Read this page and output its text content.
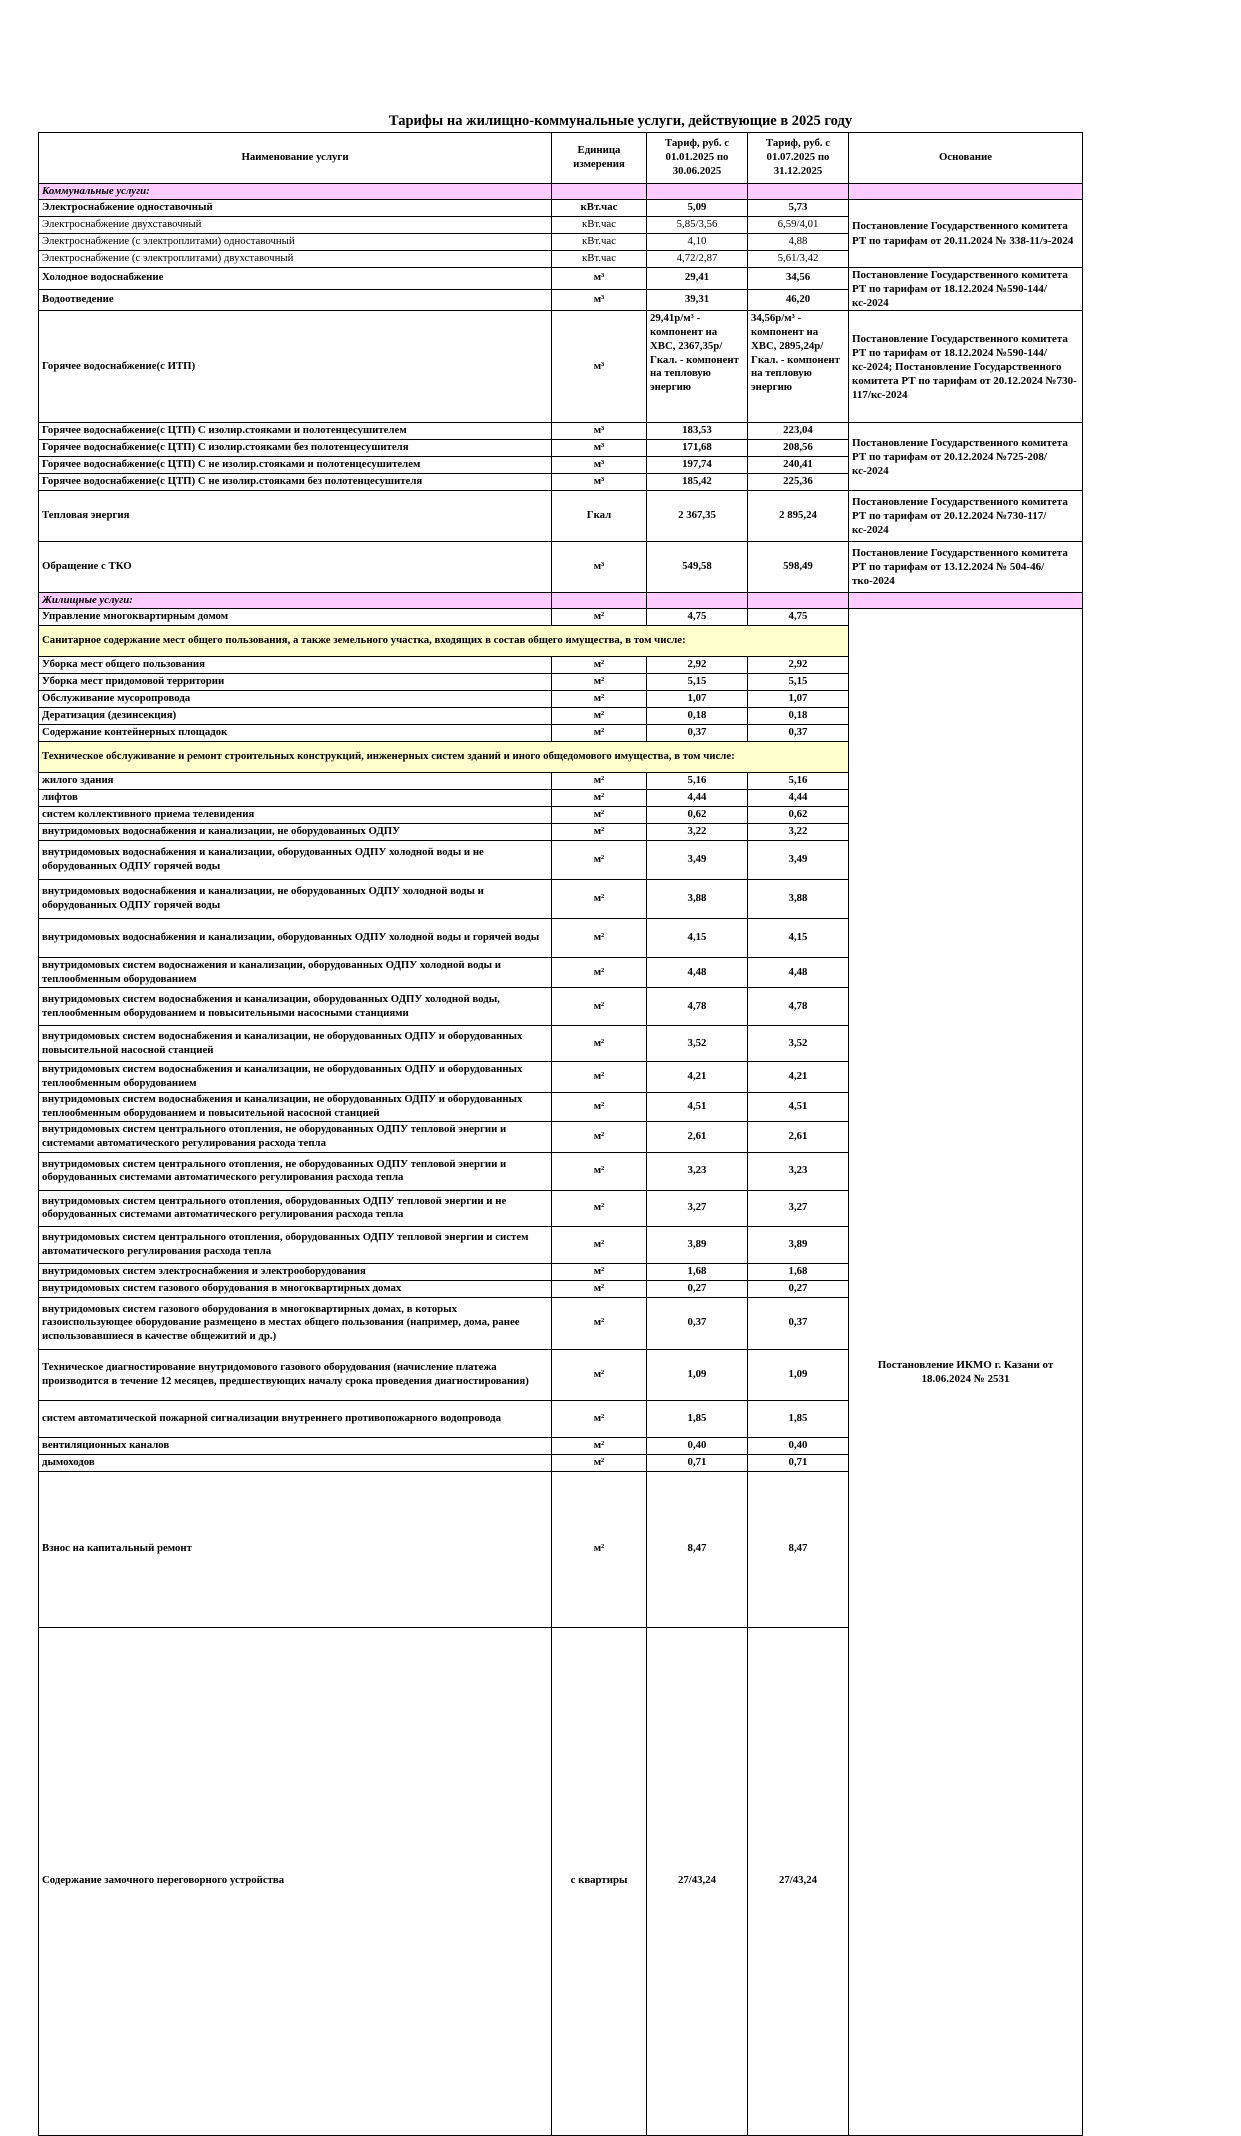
Тарифы на жилищно-коммунальные услуги, действующие в 2025 году
Наименование услуги	Единица измерения	Тариф, руб. с 01.01.2025 по 30.06.2025	Тариф, руб. с 01.07.2025 по 31.12.2025	Основание	
Коммунальные услуги:					
Электроснабжение одноставочный	кВт.час	5,09	5,73	Постановление Государственного комитета РТ по тарифам от 20.11.2024 № 338-11/э-2024	
Электроснабжение двухставочный	кВт.час	5,85/3,56	6,59/4,01		
Электроснабжение (с электроплитами) одноставочный	кВт.час	4,10	4,88		
Электроснабжение (с электроплитами) двухставочный	кВт.час	4,72/2,87	5,61/3,42		
Холодное водоснабжение	м³	29,41	34,56	Постановление Государственного комитета РТ по тарифам от 18.12.2024 №590-144/кс-2024	
Водоотведение	м³	39,31	46,20		
Горячее водоснабжение(с ИТП)	м³	29,41р/м³ - компонент на ХВС, 2367,35р/Гкал. - компонент на тепловую энергию	34,56р/м³ - компонент на ХВС, 2895,24р/Гкал. - компонент на тепловую энергию	Постановление Государственного комитета РТ по тарифам от 18.12.2024 №590-144/кс-2024; Постановление Государственного комитета РТ по тарифам от 20.12.2024 №730-117/кс-2024	
Горячее водоснабжение(с ЦТП) С изолир.стояками и полотенцесушителем	м³	183,53	223,04	Постановление Государственного комитета РТ по тарифам от 20.12.2024 №725-208/кс-2024	
Горячее водоснабжение(с ЦТП) С изолир.стояками без полотенцесушителя	м³	171,68	208,56		
Горячее водоснабжение(с ЦТП) С не изолир.стояками и полотенцесушителем	м³	197,74	240,41		
Горячее водоснабжение(с ЦТП) С не изолир.стояками без полотенцесушителя	м³	185,42	225,36		
Тепловая энергия	Гкал	2 367,35	2 895,24	Постановление Государственного комитета РТ по тарифам от 20.12.2024 №730-117/кс-2024	
Обращение с ТКО	м³	549,58	598,49	Постановление Государственного комитета РТ по тарифам от 13.12.2024 № 504-46/тко-2024	
Жилищные услуги:					
Управление многоквартирным домом	м²	4,75	4,75	Постановление ИКМО г. Казани от 18.06.2024 № 2531	
Санитарное содержание мест общего пользования, а также земельного участка, входящих в состав общего имущества, в том числе:					
Уборка мест общего пользования	м²	2,92	2,92		
Уборка мест придомовой территории	м²	5,15	5,15		
Обслуживание мусоропровода	м²	1,07	1,07		
Дератизация (дезинсекция)	м²	0,18	0,18		
Содержание контейнерных площадок	м²	0,37	0,37		
Техническое обслуживание и ремонт строительных конструкций, инженерных систем зданий и иного общедомового имущества, в том числе:					
жилого здания	м²	5,16	5,16		
лифтов	м²	4,44	4,44		
систем коллективного приема телевидения	м²	0,62	0,62		
внутридомовых водоснабжения и канализации, не оборудованных ОДПУ	м²	3,22	3,22		
внутридомовых водоснабжения и канализации, оборудованных ОДПУ холодной воды и не оборудованных ОДПУ горячей воды	м²	3,49	3,49		
внутридомовых водоснабжения и канализации, не оборудованных ОДПУ холодной воды и оборудованных ОДПУ горячей воды	м²	3,88	3,88		
внутридомовых водоснабжения и канализации, оборудованных ОДПУ холодной воды и горячей воды	м²	4,15	4,15		
внутридомовых систем водоснажения и канализации, оборудованных ОДПУ холодной воды и теплообменным оборудованием	м²	4,48	4,48		
внутридомовых систем водоснабжения и канализации, оборудованных ОДПУ холодной воды, теплообменным оборудованием и повысительными насосными станциями	м²	4,78	4,78		
внутридомовых систем водоснабжения и канализации, не оборудованных ОДПУ и оборудованных повысительной насосной станцией	м²	3,52	3,52		
внутридомовых систем водоснабжения и канализации, не оборудованных ОДПУ и оборудованных теплообменным оборудованием	м²	4,21	4,21		
внутридомовых систем водоснабжения и канализации, не оборудованных ОДПУ и оборудованных теплообменным оборудованием и повысительной насосной станцией	м²	4,51	4,51		
внутридомовых систем центрального отопления, не оборудованных ОДПУ тепловой энергии и системами автоматического регулирования расхода тепла	м²	2,61	2,61		
внутридомовых систем центрального отопления, не оборудованных ОДПУ тепловой энергии и оборудованных системами автоматического регулирования расхода тепла	м²	3,23	3,23		
внутридомовых систем центрального отопления, оборудованных ОДПУ тепловой энергии и не оборудованных системами автоматического регулирования расхода тепла	м²	3,27	3,27		
внутридомовых систем центрального отопления, оборудованных ОДПУ тепловой энергии и систем автоматического регулирования расхода тепла	м²	3,89	3,89		
внутридомовых систем электроснабжения и электрооборудования	м²	1,68	1,68		
внутридомовых систем газового оборудования в многоквартирных домах	м²	0,27	0,27		
внутридомовых систем газового оборудования в многоквартирных домах, в которых газоиспользующее оборудование размещено в местах общего пользования (например, дома, ранее использовавшиеся в качестве общежитий и др.)	м²	0,37	0,37		
Техническое диагностирование внутридомового газового оборудования (начисление платежа производится в течение 12 месяцев, предшествующих началу срока проведения диагностирования)	м²	1,09	1,09		
систем автоматической пожарной сигнализации внутреннего противопожарного водопровода	м²	1,85	1,85		
вентиляционных каналов	м²	0,40	0,40		
дымоходов	м²	0,71	0,71		
Взнос на капитальный ремонт	м²	8,47	8,47	
Содержание замочного переговорного устройства	с квартиры	27/43,24	27/43,24	
